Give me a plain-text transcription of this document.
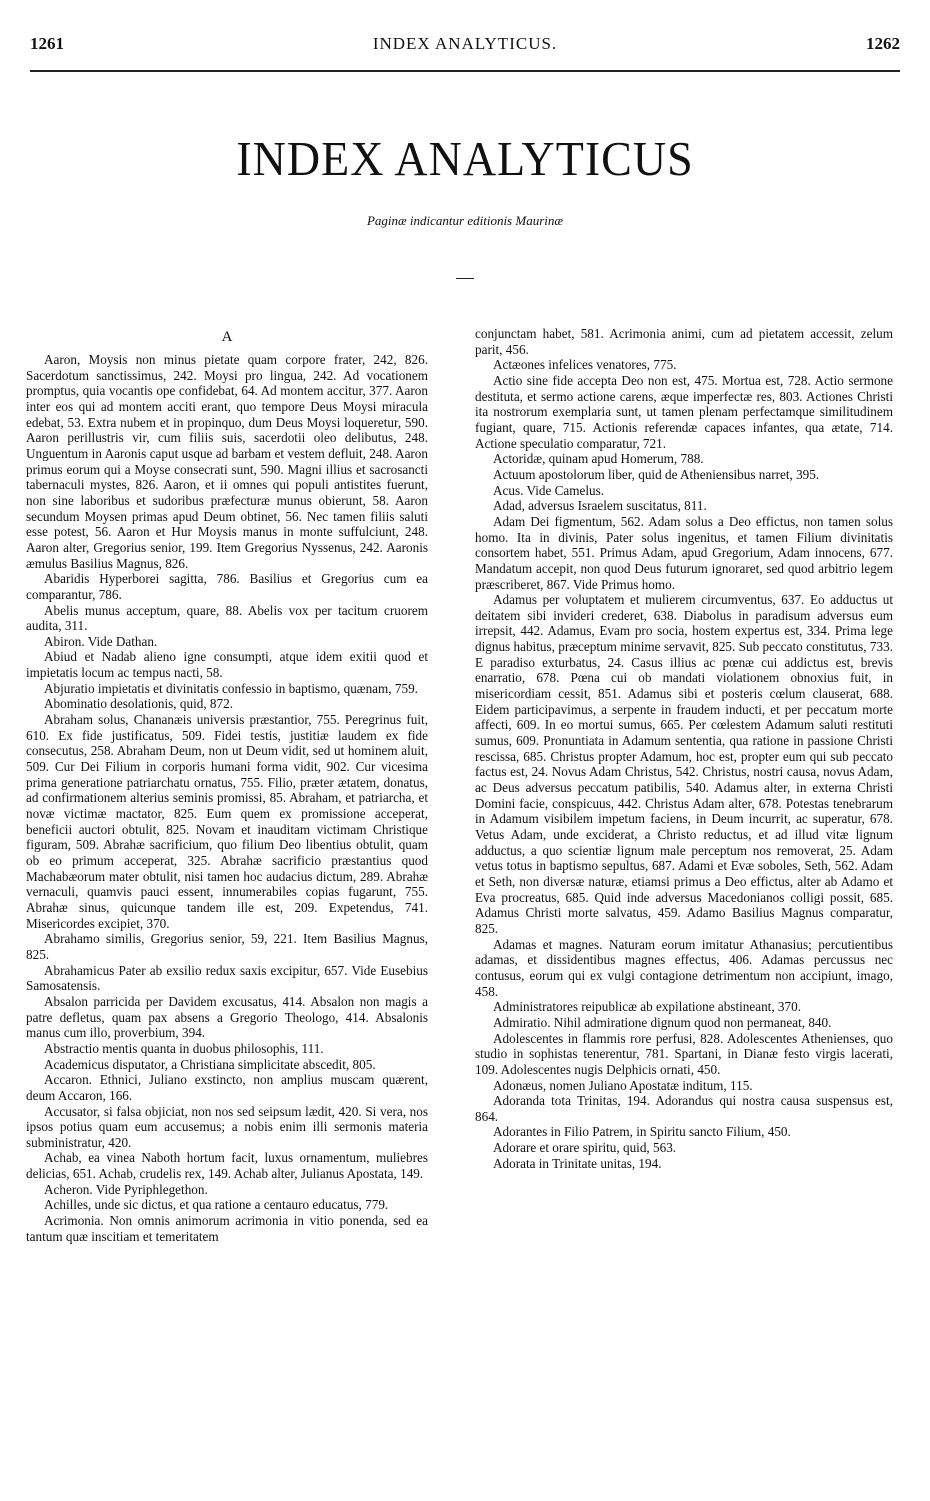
1261	INDEX ANALYTICUS.	1262
INDEX ANALYTICUS
Paginæ indicantur editionis Maurinæ
A

Aaron, Moysis non minus pietate quam corpore frater, 242, 826. Sacerdotum sanctissimus, 242. Moysi pro lingua, 242. Ad vocationem promptus, quia vocantis ope confidebat, 64. Ad montem accitur, 377. Aaron inter eos qui ad montem acciti erant, quo tempore Deus Moysi miracula edebat, 53. Extra nubem et in propinquo, dum Deus Moysi loqueretur, 590. Aaron perillustris vir, cum filiis suis, sacerdotii oleo delibutus, 248. Unguentum in Aaronis caput usque ad barbam et vestem defluit, 248. Aaron primus eorum qui a Moyse consecrati sunt, 590. Magni illius et sacrosancti tabernaculi mystes, 826. Aaron, et ii omnes qui populi antistites fuerunt, non sine laboribus et sudoribus præfecturæ munus obierunt, 58. Aaron secundum Moysen primas apud Deum obtinet, 56. Nec tamen filiis saluti esse potest, 56. Aaron et Hur Moysis manus in monte suffulciunt, 248. Aaron alter, Gregorius senior, 199. Item Gregorius Nyssenus, 242. Aaronis æmulus Basilius Magnus, 826.

Abaridis Hyperborei sagitta, 786. Basilius et Gregorius cum ea comparantur, 786.

Abelis munus acceptum, quare, 88. Abelis vox per tacitum cruorem audita, 311.

Abiron. Vide Dathan.

Abiud et Nadab alieno igne consumpti, atque idem exitii quod et impietatis locum ac tempus nacti, 58.

Abjuratio impietatis et divinitatis confessio in baptismo, quænam, 759.

Abominatio desolationis, quid, 872.

Abraham solus, Chananæis universis præstantior, 755. Peregrinus fuit, 610. Ex fide justificatus, 509. Fidei testis, justitiæ laudem ex fide consecutus, 258. Abraham Deum, non ut Deum vidit, sed ut hominem aluit, 509. Cur Dei Filium in corporis humani forma vidit, 902. Cur vicesima prima generatione patriarchatu ornatus, 755. Filio, præter ætatem, donatus, ad confirmationem alterius seminis promissi, 85. Abraham, et patriarcha, et novæ victimæ mactator, 825. Eum quem ex promissione acceperat, beneficii auctori obtulit, 825. Novam et inauditam victimam Christique figuram, 509. Abrahæ sacrificium, quo filium Deo libentius obtulit, quam ob eo primum acceperat, 325. Abrahæ sacrificio præstantius quod Machabæorum mater obtulit, nisi tamen hoc audacius dictum, 289. Abrahæ vernaculi, quamvis pauci essent, innumerabiles copias fugarunt, 755. Abrahæ sinus, quicunque tandem ille est, 209. Expetendus, 741. Misericordes excipiet, 370.

Abrahamo similis, Gregorius senior, 59, 221. Item Basilius Magnus, 825.

Abrahamicus Pater ab exsilio redux saxis excipitur, 657. Vide Eusebius Samosatensis.

Absalon parricida per Davidem excusatus, 414. Absalon non magis a patre defletus, quam pax absens a Gregorio Theologo, 414. Absalonis manus cum illo, proverbium, 394.

Abstractio mentis quanta in duobus philosophis, 111.

Academicus disputator, a Christiana simplicitate abscedit, 805.

Accaron. Ethnici, Juliano exstincto, non amplius muscam quærent, deum Accaron, 166.

Accusator, si falsa objiciat, non nos sed seipsum lædit, 420. Si vera, nos ipsos potius quam eum accusemus; a nobis enim illi sermonis materia subministratur, 420.

Achab, ea vinea Naboth hortum facit, luxus ornamentum, muliebres delicias, 651. Achab, crudelis rex, 149. Achab alter, Julianus Apostata, 149.

Acheron. Vide Pyriphlegethon.

Achilles, unde sic dictus, et qua ratione a centauro educatus, 779.

Acrimonia. Non omnis animorum acrimonia in vitio ponenda, sed ea tantum quæ inscitiam et temeritatem

conjunctam habet, 581. Acrimonia animi, cum ad pietatem accessit, zelum parit, 456.

Actæones infelices venatores, 775.

Actio sine fide accepta Deo non est, 475. Mortua est, 728. Actio sermone destituta, et sermo actione carens, æque imperfectæ res, 803. Actiones Christi ita nostrorum exemplaria sunt, ut tamen plenam perfectamque similitudinem fugiant, quare, 715. Actionis referendæ capaces infantes, qua ætate, 714. Actione speculatio comparatur, 721.

Actoridæ, quinam apud Homerum, 788.

Actuum apostolorum liber, quid de Atheniensibus narret, 395.

Acus. Vide Camelus.

Adad, adversus Israelem suscitatus, 811.

Adam Dei figmentum, 562. Adam solus a Deo effictus, non tamen solus homo. Ita in divinis, Pater solus ingenitus, et tamen Filium divinitatis consortem habet, 551. Primus Adam, apud Gregorium, Adam innocens, 677. Mandatum accepit, non quod Deus futurum ignoraret, sed quod arbitrio legem præscriberet, 867. Vide Primus homo.

Adamus per voluptatem et mulierem circumventus, 637. Eo adductus ut deitatem sibi invideri crederet, 638. Diabolus in paradisum adversus eum irrepsit, 442. Adamus, Evam pro socia, hostem expertus est, 334. Prima lege dignus habitus, præceptum minime servavit, 825. Sub peccato constitutus, 733. E paradiso exturbatus, 24. Casus illius ac pœnæ cui addictus est, brevis enarratio, 678. Pœna cui ob mandati violationem obnoxius fuit, in misericordiam cessit, 851. Adamus sibi et posteris cœlum clauserat, 688. Eidem participavimus, a serpente in fraudem inducti, et per peccatum morte affecti, 609. In eo mortui sumus, 665. Per cœlestem Adamum saluti restituti sumus, 609. Pronuntiata in Adamum sententia, qua ratione in passione Christi rescissa, 685. Christus propter Adamum, hoc est, propter eum qui sub peccato factus est, 24. Novus Adam Christus, 542. Christus, nostri causa, novus Adam, ac Deus adversus peccatum patibilis, 540. Adamus alter, in externa Christi Domini facie, conspicuus, 442. Christus Adam alter, 678. Potestas tenebrarum in Adamum visibilem impetum faciens, in Deum incurrit, ac superatur, 678. Vetus Adam, unde exciderat, a Christo reductus, et ad illud vitæ lignum adductus, a quo scientiæ lignum male perceptum nos removerat, 25. Adam vetus totus in baptismo sepultus, 687. Adami et Evæ soboles, Seth, 562. Adam et Seth, non diversæ naturæ, etiamsi primus a Deo effictus, alter ab Adamo et Eva procreatus, 685. Quid inde adversus Macedonianos colligi possit, 685. Adamus Christi morte salvatus, 459. Adamo Basilius Magnus comparatur, 825.

Adamas et magnes. Naturam eorum imitatur Athanasius; percutientibus adamas, et dissidentibus magnes effectus, 406. Adamas percussus nec contusus, eorum qui ex vulgi contagione detrimentum non accipiunt, imago, 458.

Administratores reipublicæ ab expilatione abstineant, 370.

Admiratio. Nihil admiratione dignum quod non permaneat, 840.

Adolescentes in flammis rore perfusi, 828. Adolescentes Athenienses, quo studio in sophistas tenerentur, 781. Spartani, in Dianæ festo virgis lacerati, 109. Adolescentes nugis Delphicis ornati, 450.

Adonæus, nomen Juliano Apostatæ inditum, 115.

Adoranda tota Trinitas, 194. Adorandus qui nostra causa suspensus est, 864.

Adorantes in Filio Patrem, in Spiritu sancto Filium, 450.

Adorare et orare spiritu, quid, 563.

Adorata in Trinitate unitas, 194.
